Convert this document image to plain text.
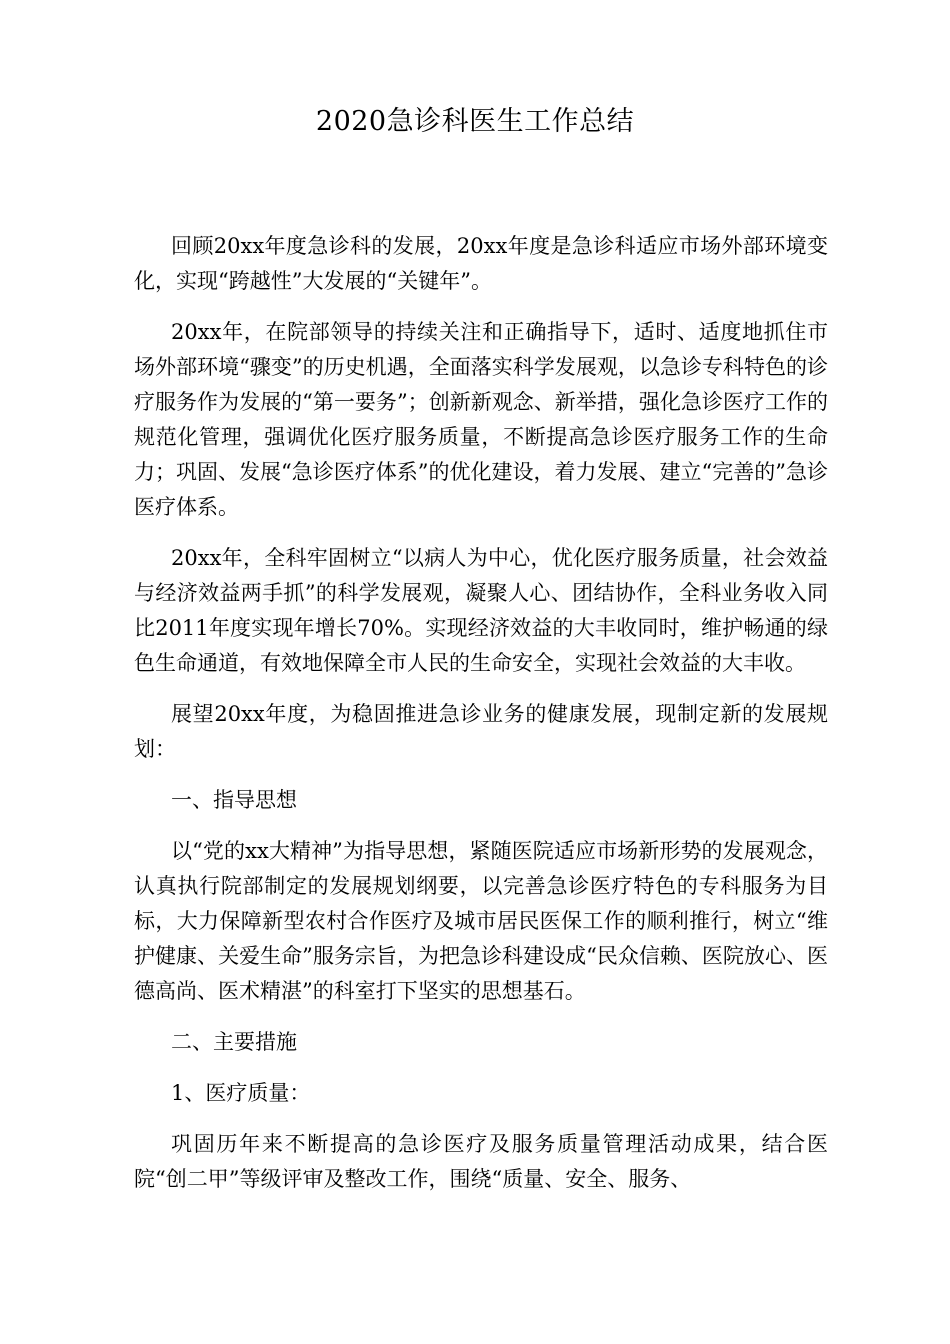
2020急诊科医生工作总结

回顾20xx年度急诊科的发展，20xx年度是急诊科适应市场外部环境变化，实现“跨越性”大发展的“关键年”。

20xx年，在院部领导的持续关注和正确指导下，适时、适度地抓住市场外部环境“骤变”的历史机遇，全面落实科学发展观，以急诊专科特色的诊疗服务作为发展的“第一要务”；创新新观念、新举措，强化急诊医疗工作的规范化管理，强调优化医疗服务质量，不断提高急诊医疗服务工作的生命力；巩固、发展“急诊医疗体系”的优化建设，着力发展、建立“完善的”急诊医疗体系。

20xx年，全科牢固树立“以病人为中心，优化医疗服务质量，社会效益与经济效益两手抓”的科学发展观，凝聚人心、团结协作，全科业务收入同比2011年度实现年增长70%。实现经济效益的大丰收同时，维护畅通的绿色生命通道，有效地保障全市人民的生命安全，实现社会效益的大丰收。

展望20xx年度，为稳固推进急诊业务的健康发展，现制定新的发展规划：

一、指导思想

以“党的xx大精神”为指导思想，紧随医院适应市场新形势的发展观念，认真执行院部制定的发展规划纲要，以完善急诊医疗特色的专科服务为目标，大力保障新型农村合作医疗及城市居民医保工作的顺利推行，树立“维护健康、关爱生命”服务宗旨，为把急诊科建设成“民众信赖、医院放心、医德高尚、医术精湛”的科室打下坚实的思想基石。

二、主要措施

1、医疗质量：

巩固历年来不断提高的急诊医疗及服务质量管理活动成果，结合医院“创二甲”等级评审及整改工作，围绕“质量、安全、服务、
